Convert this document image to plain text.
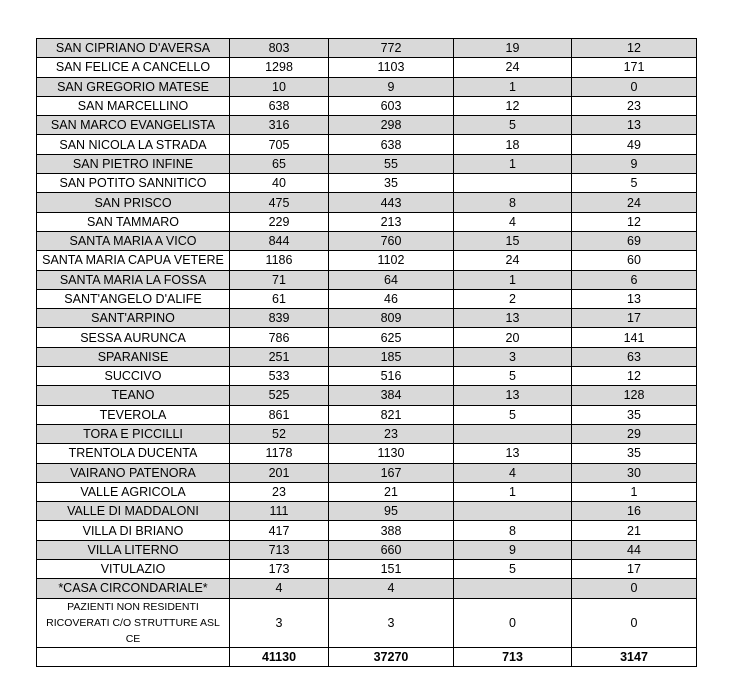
SAN CIPRIANO D'AVERSA	803	772	19	12
SAN FELICE A CANCELLO	1298	1103	24	171
SAN GREGORIO MATESE	10	9	1	0
SAN MARCELLINO	638	603	12	23
SAN MARCO EVANGELISTA	316	298	5	13
SAN NICOLA LA STRADA	705	638	18	49
SAN PIETRO INFINE	65	55	1	9
SAN POTITO SANNITICO	40	35		5
SAN PRISCO	475	443	8	24
SAN TAMMARO	229	213	4	12
SANTA MARIA A VICO	844	760	15	69
SANTA MARIA CAPUA VETERE	1186	1102	24	60
SANTA MARIA LA FOSSA	71	64	1	6
SANT'ANGELO D'ALIFE	61	46	2	13
SANT'ARPINO	839	809	13	17
SESSA AURUNCA	786	625	20	141
SPARANISE	251	185	3	63
SUCCIVO	533	516	5	12
TEANO	525	384	13	128
TEVEROLA	861	821	5	35
TORA E PICCILLI	52	23		29
TRENTOLA DUCENTA	1178	1130	13	35
VAIRANO PATENORA	201	167	4	30
VALLE AGRICOLA	23	21	1	1
VALLE DI MADDALONI	111	95		16
VILLA DI BRIANO	417	388	8	21
VILLA LITERNO	713	660	9	44
VITULAZIO	173	151	5	17
*CASA CIRCONDARIALE*	4	4		0
PAZIENTI NON RESIDENTI RICOVERATI C/O STRUTTURE ASL CE	3	3	0	0
	41130	37270	713	3147
